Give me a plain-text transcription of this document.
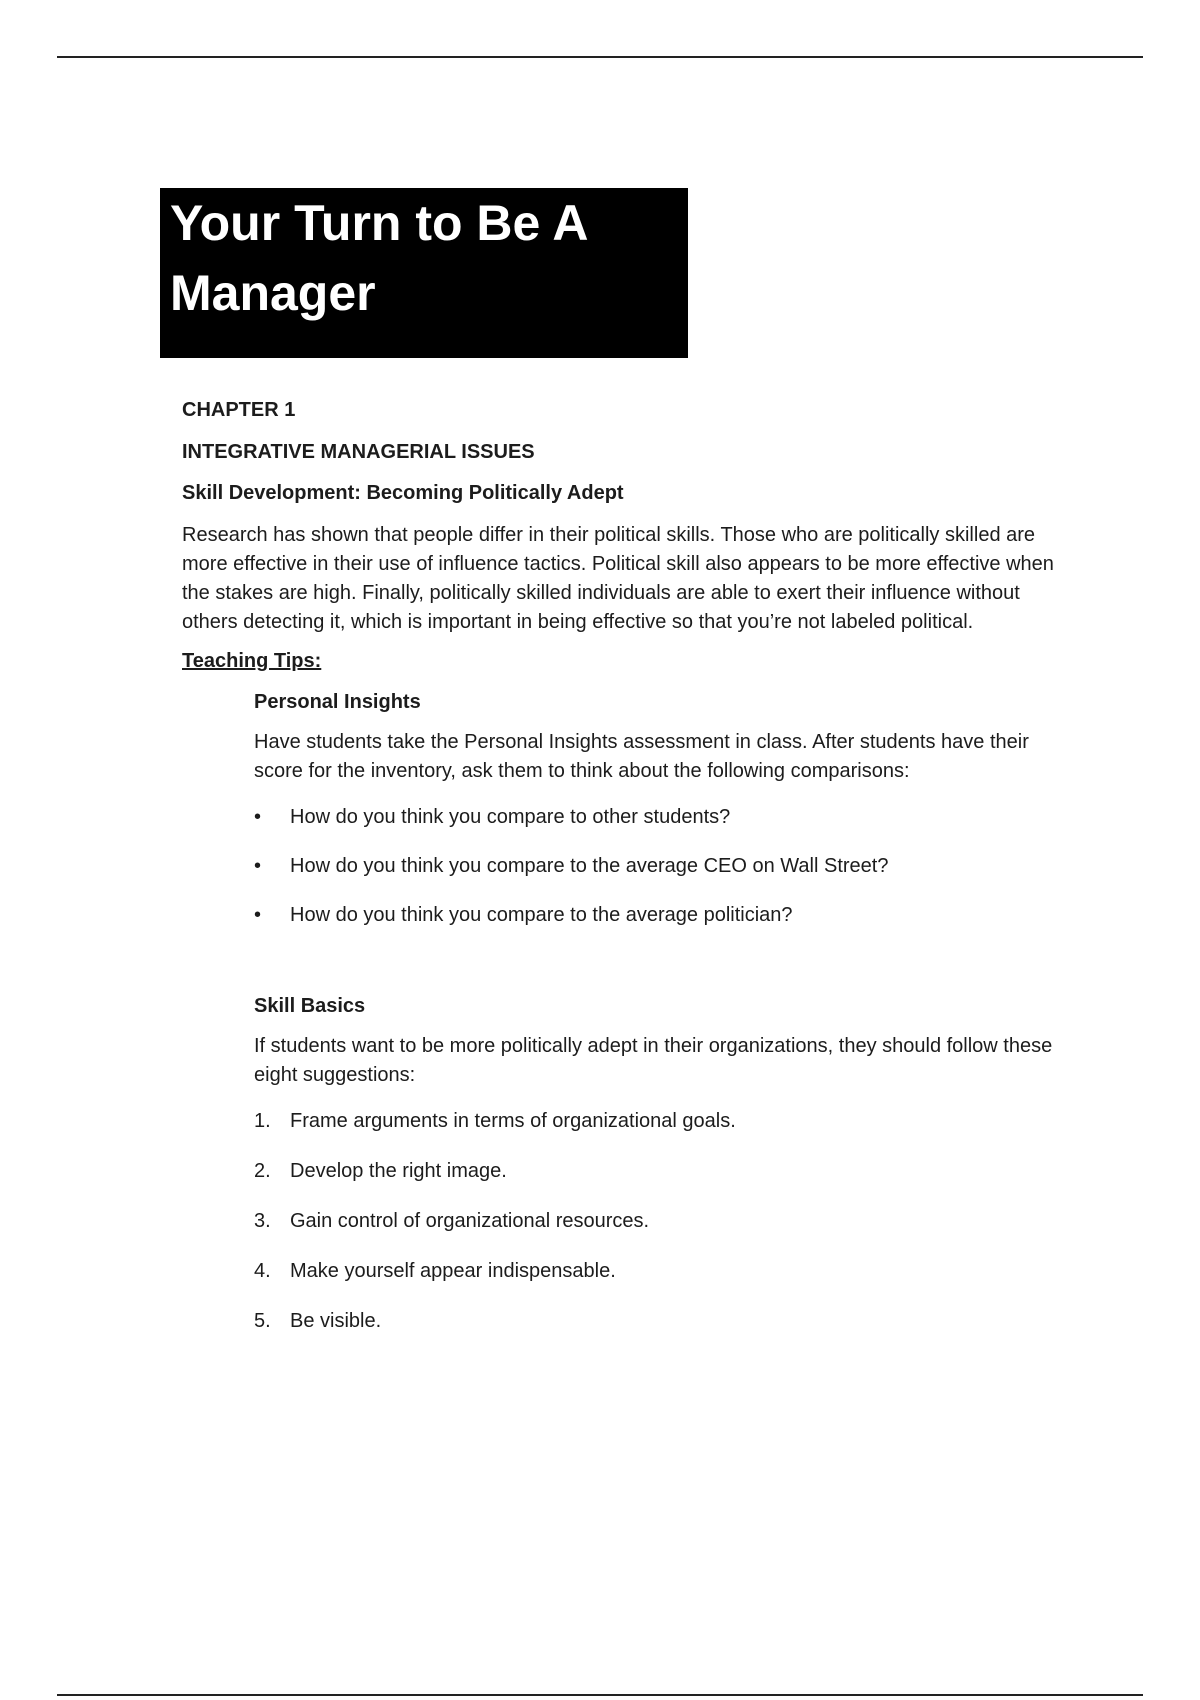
Your Turn to Be A
Manager

CHAPTER 1

INTEGRATIVE MANAGERIAL ISSUES

Skill Development: Becoming Politically Adept

Research has shown that people differ in their political skills. Those who are politically skilled are more effective in their use of influence tactics. Political skill also appears to be more effective when the stakes are high. Finally, politically skilled individuals are able to exert their influence without others detecting it, which is important in being effective so that you’re not labeled political.

Teaching Tips:

Personal Insights

Have students take the Personal Insights assessment in class. After students have their score for the inventory, ask them to think about the following comparisons:

•	How do you think you compare to other students?
•	How do you think you compare to the average CEO on Wall Street?
•	How do you think you compare to the average politician?

Skill Basics

If students want to be more politically adept in their organizations, they should follow these eight suggestions:

1. Frame arguments in terms of organizational goals.
2. Develop the right image.
3. Gain control of organizational resources.
4. Make yourself appear indispensable.
5. Be visible.
